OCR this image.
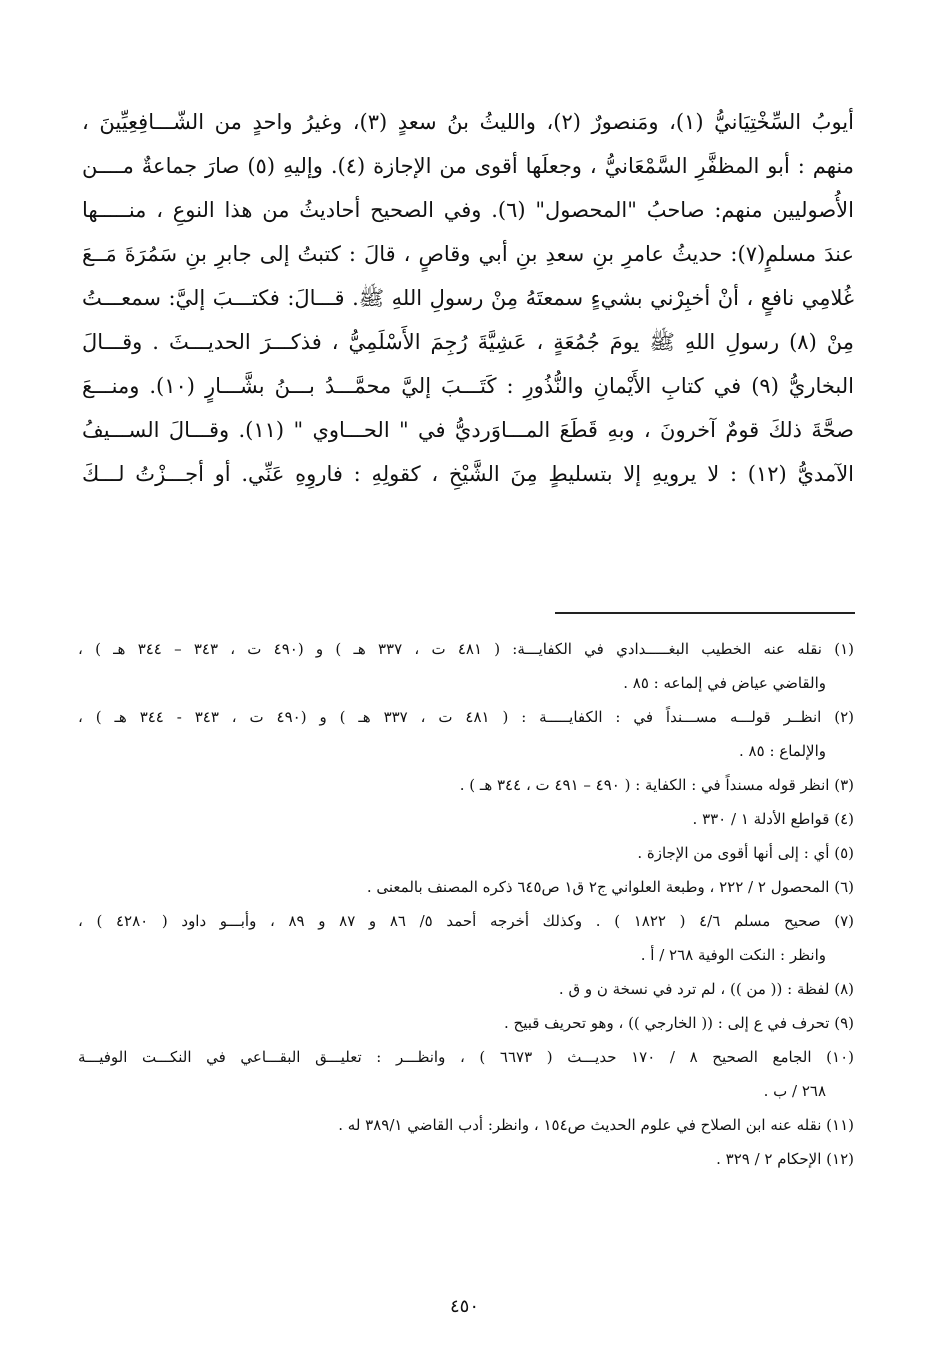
أيوبُ السِّخْتِيَانيُّ (١)، ومَنصورٌ (٢)، والليثُ بنُ سعدٍ (٣)، وغيرُ واحدٍ من الشّـــافِعِيِّينَ ،
منهم : أبو المظفَّرِ السَّمْعَانيُّ ، وجعلَها أقوى من الإجازة (٤). وإليهِ (٥) صارَ جماعةٌ مــــن
الأُصوليين منهم: صاحبُ "المحصول" (٦). وفي الصحيح أحاديثُ من هذا النوعِ ، منـــــها
عندَ مسلمٍ(٧): حديثُ عامرِ بنِ سعدِ بنِ أبي وقاصٍ ، قالَ : كتبتُ إلى جابرِ بنِ سَمُرَةَ مَــعَ
غُلامِي نافعٍ ، أنْ أخبِرْني بشيءٍ سمعتَهُ مِنْ رسولِ اللهِ ﷺ. قـــالَ: فكتـــبَ إليَّ: سمعـــتُ
مِنْ (٨) رسولِ اللهِ ﷺ يومَ جُمُعَةٍ ، عَشِيَّةَ رُجِمَ الأَسْلَمِيُّ ، فذكـــرَ الحديـــثَ . وقـــالَ
البخاريُّ (٩) في كتابِ الأَيْمانِ والنُّذُورِ : كَتَـــبَ إليَّ محمَّـــدُ بـــنُ بشَّـــارٍ (١٠). ومنـــعَ
صحَّةَ ذلكَ قومٌ آخرونَ ، وبهِ قَطَعَ المـــاوَرديُّ في " الحـــاوي " (١١). وقـــالَ الســـيفُ
الآمديُّ (١٢) : لا يرويهِ إلا بتسليطٍ مِنَ الشَّيْخِ ، كقولِهِ : فاروِهِ عَنِّي. أو أجـــزْتُ لـــكَ
(١) نقله عنه الخطيب البغـــــدادي في الكفايـــة: ( ٤٨١ ت ، ٣٣٧ هـ ) و (٤٩٠ ت ، ٣٤٣ – ٣٤٤ هـ ) ،
والقاضي عياض في إلماعه : ٨٥ .
(٢) انظــر قولـــه مســـنداً في : الكفايـــــة : ( ٤٨١ ت ، ٣٣٧ هـ ) و (٤٩٠ ت ، ٣٤٣ - ٣٤٤ هـ ) ،
والإلماع : ٨٥ .
(٣) انظر قوله مسنداً في : الكفاية : ( ٤٩٠ – ٤٩١ ت ، ٣٤٤ هـ ) .
(٤) قواطع الأدلة ١ / ٣٣٠ .
(٥) أي : إلى أنها أقوى من الإجازة .
(٦) المحصول ٢ / ٢٢٢ ، وطبعة العلواني ج٢ ق١ ص٦٤٥ ذكره المصنف بالمعنى .
(٧) صحيح مسلم ٤/٦ ( ١٨٢٢ ) . وكذلك أخرجه أحمد ٥/ ٨٦ و ٨٧ و ٨٩ ، وأبـــو داود ( ٤٢٨٠ ) ،
وانظر : النكت الوفية ٢٦٨ / أ .
(٨) لفظة : (( من )) ، لم ترد في نسخة ن و ق .
(٩) تحرف في ع إلى : (( الخارجي )) ، وهو تحريف قبيح .
(١٠) الجامع الصحيح ٨ / ١٧٠ حديـــث ( ٦٦٧٣ ) ، وانظـــر : تعليـــق البقـــاعي في النكـــت الوفيـــة
٢٦٨ / ب .
(١١) نقله عنه ابن الصلاح في علوم الحديث ص١٥٤ ، وانظر: أدب القاضي ٣٨٩/١ له .
(١٢) الإحكام ٢ / ٣٢٩ .
٤٥٠
